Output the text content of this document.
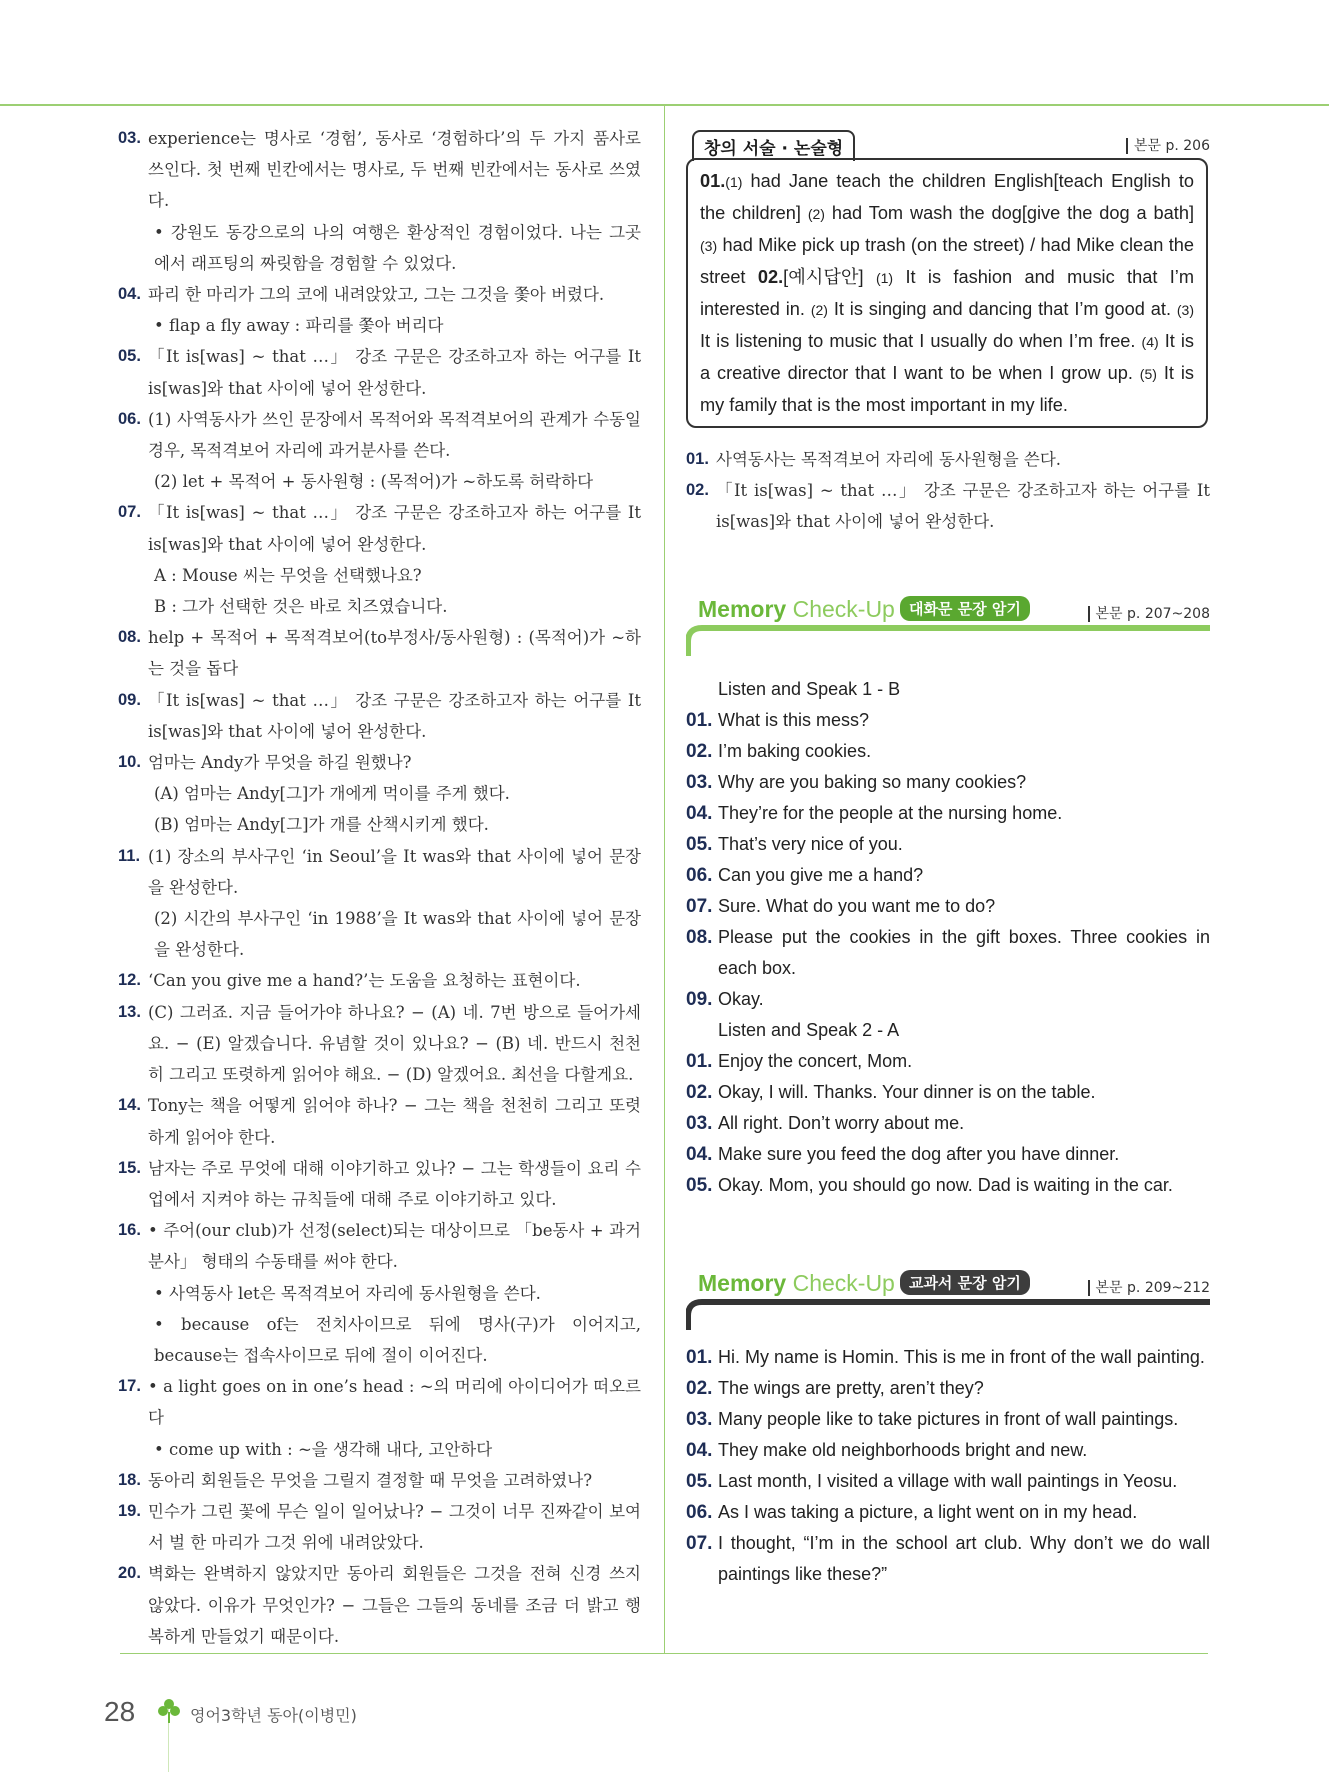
03. experience는 명사로 ‘경험’, 동사로 ‘경험하다’의 두 가지 품사로 쓰인다. 첫 번째 빈칸에서는 명사로, 두 번째 빈칸에서는 동사로 쓰였다.
• 강원도 동강으로의 나의 여행은 환상적인 경험이었다. 나는 그곳에서 래프팅의 짜릿함을 경험할 수 있었다.
04. 파리 한 마리가 그의 코에 내려앉았고, 그는 그것을 쫓아 버렸다.
• flap a fly away : 파리를 쫓아 버리다
05. 「It is[was] ~ that …」 강조 구문은 강조하고자 하는 어구를 It is[was]와 that 사이에 넣어 완성한다.
06. (1) 사역동사가 쓰인 문장에서 목적어와 목적격보어의 관계가 수동일 경우, 목적격보어 자리에 과거분사를 쓴다.
(2) let + 목적어 + 동사원형 : (목적어)가 ~하도록 허락하다
07. 「It is[was] ~ that …」 강조 구문은 강조하고자 하는 어구를 It is[was]와 that 사이에 넣어 완성한다.
A : Mouse 씨는 무엇을 선택했나요?
B : 그가 선택한 것은 바로 치즈였습니다.
08. help + 목적어 + 목적격보어(to부정사/동사원형) : (목적어)가 ~하는 것을 돕다
09. 「It is[was] ~ that …」 강조 구문은 강조하고자 하는 어구를 It is[was]와 that 사이에 넣어 완성한다.
10. 엄마는 Andy가 무엇을 하길 원했나?
(A) 엄마는 Andy[그]가 개에게 먹이를 주게 했다.
(B) 엄마는 Andy[그]가 개를 산책시키게 했다.
11. (1) 장소의 부사구인 ‘in Seoul’을 It was와 that 사이에 넣어 문장을 완성한다.
(2) 시간의 부사구인 ‘in 1988’을 It was와 that 사이에 넣어 문장을 완성한다.
12. ‘Can you give me a hand?’는 도움을 요청하는 표현이다.
13. (C) 그러죠. 지금 들어가야 하나요? − (A) 네. 7번 방으로 들어가세요. − (E) 알겠습니다. 유념할 것이 있나요? − (B) 네. 반드시 천천히 그리고 또렷하게 읽어야 해요. − (D) 알겠어요. 최선을 다할게요.
14. Tony는 책을 어떻게 읽어야 하나? − 그는 책을 천천히 그리고 또렷하게 읽어야 한다.
15. 남자는 주로 무엇에 대해 이야기하고 있나? − 그는 학생들이 요리 수업에서 지켜야 하는 규칙들에 대해 주로 이야기하고 있다.
16. • 주어(our club)가 선정(select)되는 대상이므로 「be동사 + 과거분사」 형태의 수동태를 써야 한다.
• 사역동사 let은 목적격보어 자리에 동사원형을 쓴다.
• because of는 전치사이므로 뒤에 명사(구)가 이어지고, because는 접속사이므로 뒤에 절이 이어진다.
17. • a light goes on in one’s head : ~의 머리에 아이디어가 떠오르다
• come up with : ~을 생각해 내다, 고안하다
18. 동아리 회원들은 무엇을 그릴지 결정할 때 무엇을 고려하였나?
19. 민수가 그린 꽃에 무슨 일이 일어났나? − 그것이 너무 진짜같이 보여서 벌 한 마리가 그것 위에 내려앉았다.
20. 벽화는 완벽하지 않았지만 동아리 회원들은 그것을 전혀 신경 쓰지 않았다. 이유가 무엇인가? − 그들은 그들의 동네를 조금 더 밝고 행복하게 만들었기 때문이다.
창의 서술 · 논술형	본문 p. 206
01.(1) had Jane teach the children English[teach English to the children] (2) had Tom wash the dog[give the dog a bath] (3) had Mike pick up trash (on the street) / had Mike clean the street 02.[예시답안] (1) It is fashion and music that I’m interested in. (2) It is singing and dancing that I’m good at. (3) It is listening to music that I usually do when I’m free. (4) It is a creative director that I want to be when I grow up. (5) It is my family that is the most important in my life.
01. 사역동사는 목적격보어 자리에 동사원형을 쓴다.
02. 「It is[was] ~ that …」 강조 구문은 강조하고자 하는 어구를 It is[was]와 that 사이에 넣어 완성한다.
Memory Check-Up 대화문 문장 암기	본문 p. 207~208
Listen and Speak 1 - B
01. What is this mess?
02. I’m baking cookies.
03. Why are you baking so many cookies?
04. They’re for the people at the nursing home.
05. That’s very nice of you.
06. Can you give me a hand?
07. Sure. What do you want me to do?
08. Please put the cookies in the gift boxes. Three cookies in each box.
09. Okay.
Listen and Speak 2 - A
01. Enjoy the concert, Mom.
02. Okay, I will. Thanks. Your dinner is on the table.
03. All right. Don’t worry about me.
04. Make sure you feed the dog after you have dinner.
05. Okay. Mom, you should go now. Dad is waiting in the car.
Memory Check-Up 교과서 문장 암기	본문 p. 209~212
01. Hi. My name is Homin. This is me in front of the wall painting.
02. The wings are pretty, aren’t they?
03. Many people like to take pictures in front of wall paintings.
04. They make old neighborhoods bright and new.
05. Last month, I visited a village with wall paintings in Yeosu.
06. As I was taking a picture, a light went on in my head.
07. I thought, “I’m in the school art club. Why don’t we do wall paintings like these?”
28	영어3학년 동아(이병민)
